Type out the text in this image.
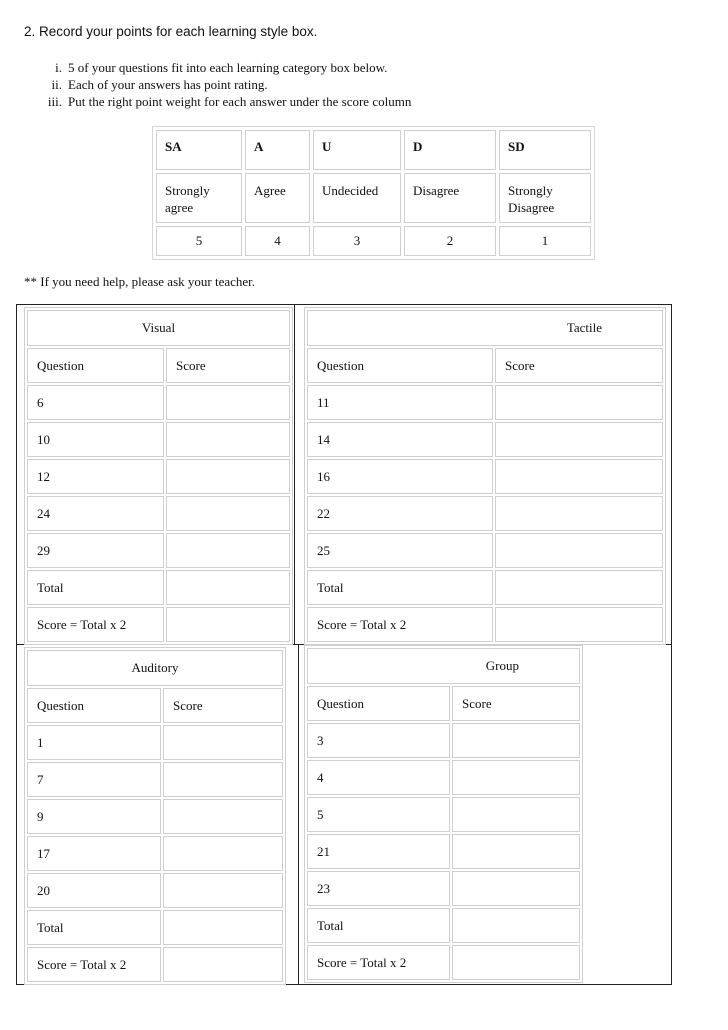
2. Record your points for each learning style box.
i. 5 of your questions fit into each learning category box below.
ii. Each of your answers has point rating.
iii. Put the right point weight for each answer under the score column
SA	A	U	D	SD
Strongly agree	Agree	Undecided	Disagree	Strongly Disagree
5	4	3	2	1
** If you need help, please ask your teacher.
Visual	
Question	Score
6	
10	
12	
24	
29	
Total	
Score = Total x 2	
Tactile	
Question	Score
11	
14	
16	
22	
25	
Total	
Score = Total x 2	
Auditory	
Question	Score
1	
7	
9	
17	
20	
Total	
Score = Total x 2	
Group	
Question	Score
3	
4	
5	
21	
23	
Total	
Score = Total x 2	
